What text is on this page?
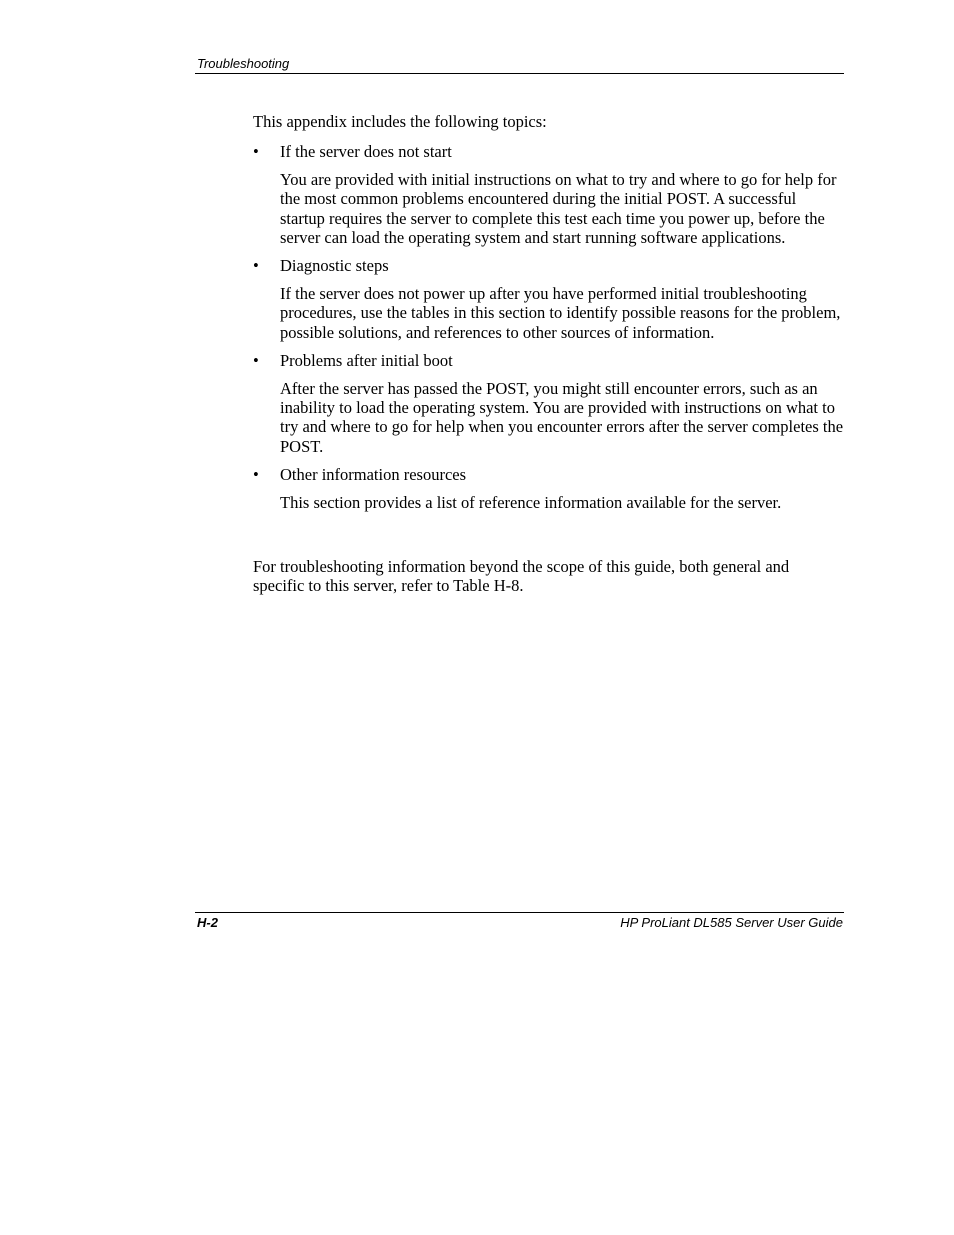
Troubleshooting

This appendix includes the following topics:

• If the server does not start

You are provided with initial instructions on what to try and where to go for help for the most common problems encountered during the initial POST. A successful startup requires the server to complete this test each time you power up, before the server can load the operating system and start running software applications.

• Diagnostic steps

If the server does not power up after you have performed initial troubleshooting procedures, use the tables in this section to identify possible reasons for the problem, possible solutions, and references to other sources of information.

• Problems after initial boot

After the server has passed the POST, you might still encounter errors, such as an inability to load the operating system. You are provided with instructions on what to try and where to go for help when you encounter errors after the server completes the POST.

• Other information resources

This section provides a list of reference information available for the server.

For troubleshooting information beyond the scope of this guide, both general and specific to this server, refer to Table H-8.

H-2	HP ProLiant DL585 Server User Guide
